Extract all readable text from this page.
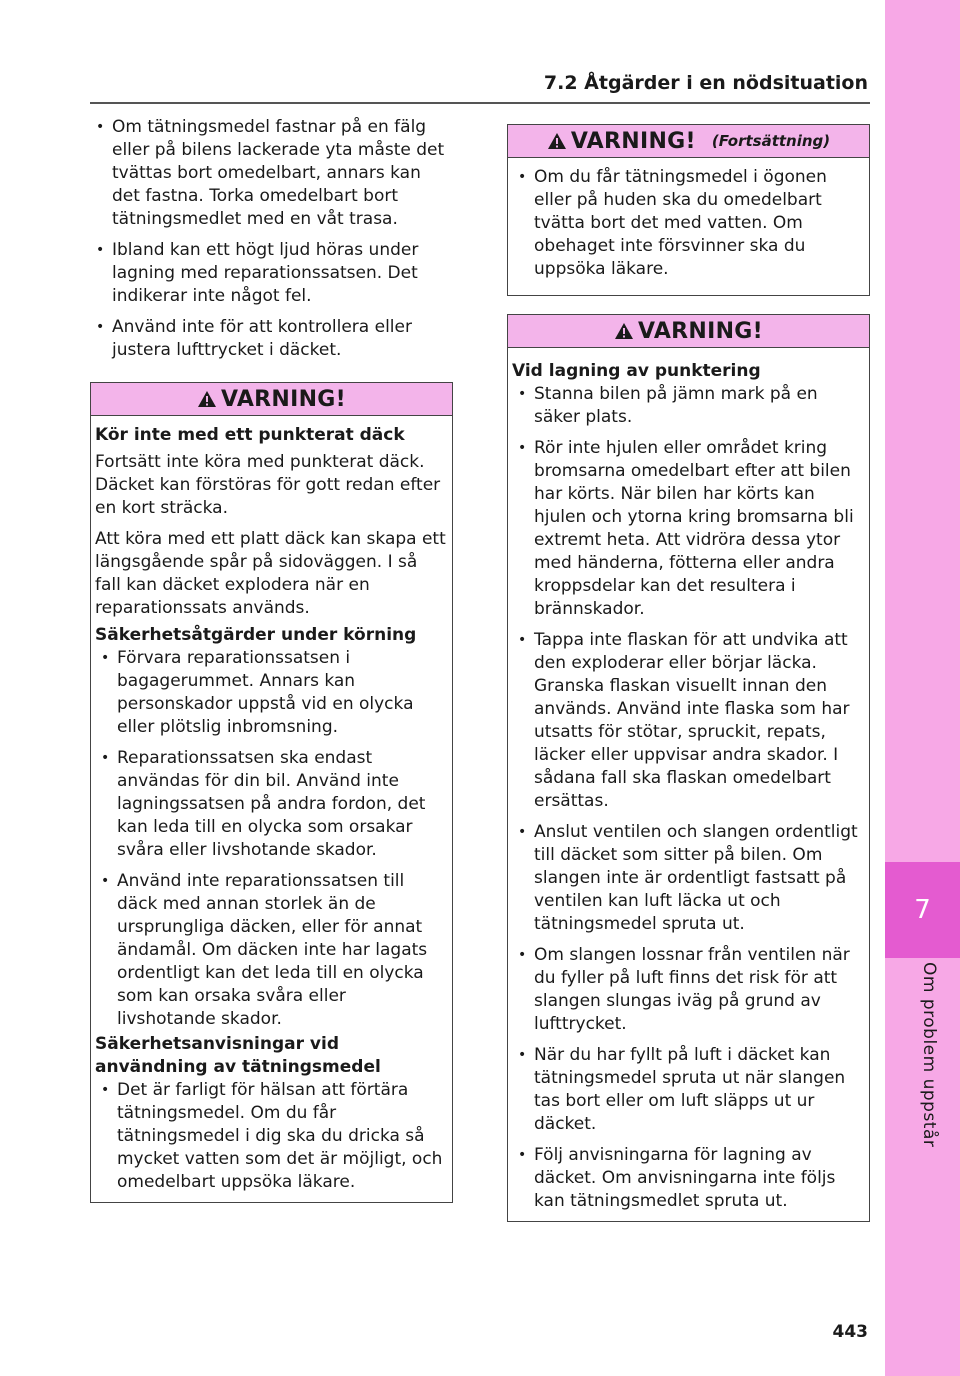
7.2 Åtgärder i en nödsituation
7
Om problem uppstår
• Om tätningsmedel fastnar på en fälg eller på bilens lackerade yta måste det tvättas bort omedelbart, annars kan det fastna. Torka omedelbart bort tätningsmedlet med en våt trasa.
• Ibland kan ett högt ljud höras under lagning med reparationssatsen. Det indikerar inte något fel.
• Använd inte för att kontrollera eller justera lufttrycket i däcket.
VARNING!

Kör inte med ett punkterat däck

Fortsätt inte köra med punkterat däck. Däcket kan förstöras för gott redan efter en kort sträcka.

Att köra med ett platt däck kan skapa ett längsgående spår på sidoväggen. I så fall kan däcket explodera när en reparationssats används.

Säkerhetsåtgärder under körning

• Förvara reparationssatsen i bagagerummet. Annars kan personskador uppstå vid en olycka eller plötslig inbromsning.
• Reparationssatsen ska endast användas för din bil. Använd inte lagningssatsen på andra fordon, det kan leda till en olycka som orsakar svåra eller livshotande skador.
• Använd inte reparationssatsen till däck med annan storlek än de ursprungliga däcken, eller för annat ändamål. Om däcken inte har lagats ordentligt kan det leda till en olycka som kan orsaka svåra eller livshotande skador.

Säkerhetsanvisningar vid användning av tätningsmedel

• Det är farligt för hälsan att förtära tätningsmedel. Om du får tätningsmedel i dig ska du dricka så mycket vatten som det är möjligt, och omedelbart uppsöka läkare.
VARNING! (Fortsättning)
• Om du får tätningsmedel i ögonen eller på huden ska du omedelbart tvätta bort det med vatten. Om obehaget inte försvinner ska du uppsöka läkare.
VARNING!

Vid lagning av punktering

• Stanna bilen på jämn mark på en säker plats.
• Rör inte hjulen eller området kring bromsarna omedelbart efter att bilen har körts. När bilen har körts kan hjulen och ytorna kring bromsarna bli extremt heta. Att vidröra dessa ytor med händerna, fötterna eller andra kroppsdelar kan det resultera i brännskador.
• Tappa inte flaskan för att undvika att den exploderar eller börjar läcka. Granska flaskan visuellt innan den används. Använd inte flaska som har utsatts för stötar, spruckit, repats, läcker eller uppvisar andra skador. I sådana fall ska flaskan omedelbart ersättas.
• Anslut ventilen och slangen ordentligt till däcket som sitter på bilen. Om slangen inte är ordentligt fastsatt på ventilen kan luft läcka ut och tätningsmedel spruta ut.
• Om slangen lossnar från ventilen när du fyller på luft finns det risk för att slangen slungas iväg på grund av lufttrycket.
• När du har fyllt på luft i däcket kan tätningsmedel spruta ut när slangen tas bort eller om luft släpps ut ur däcket.
• Följ anvisningarna för lagning av däcket. Om anvisningarna inte följs kan tätningsmedlet spruta ut.
443
